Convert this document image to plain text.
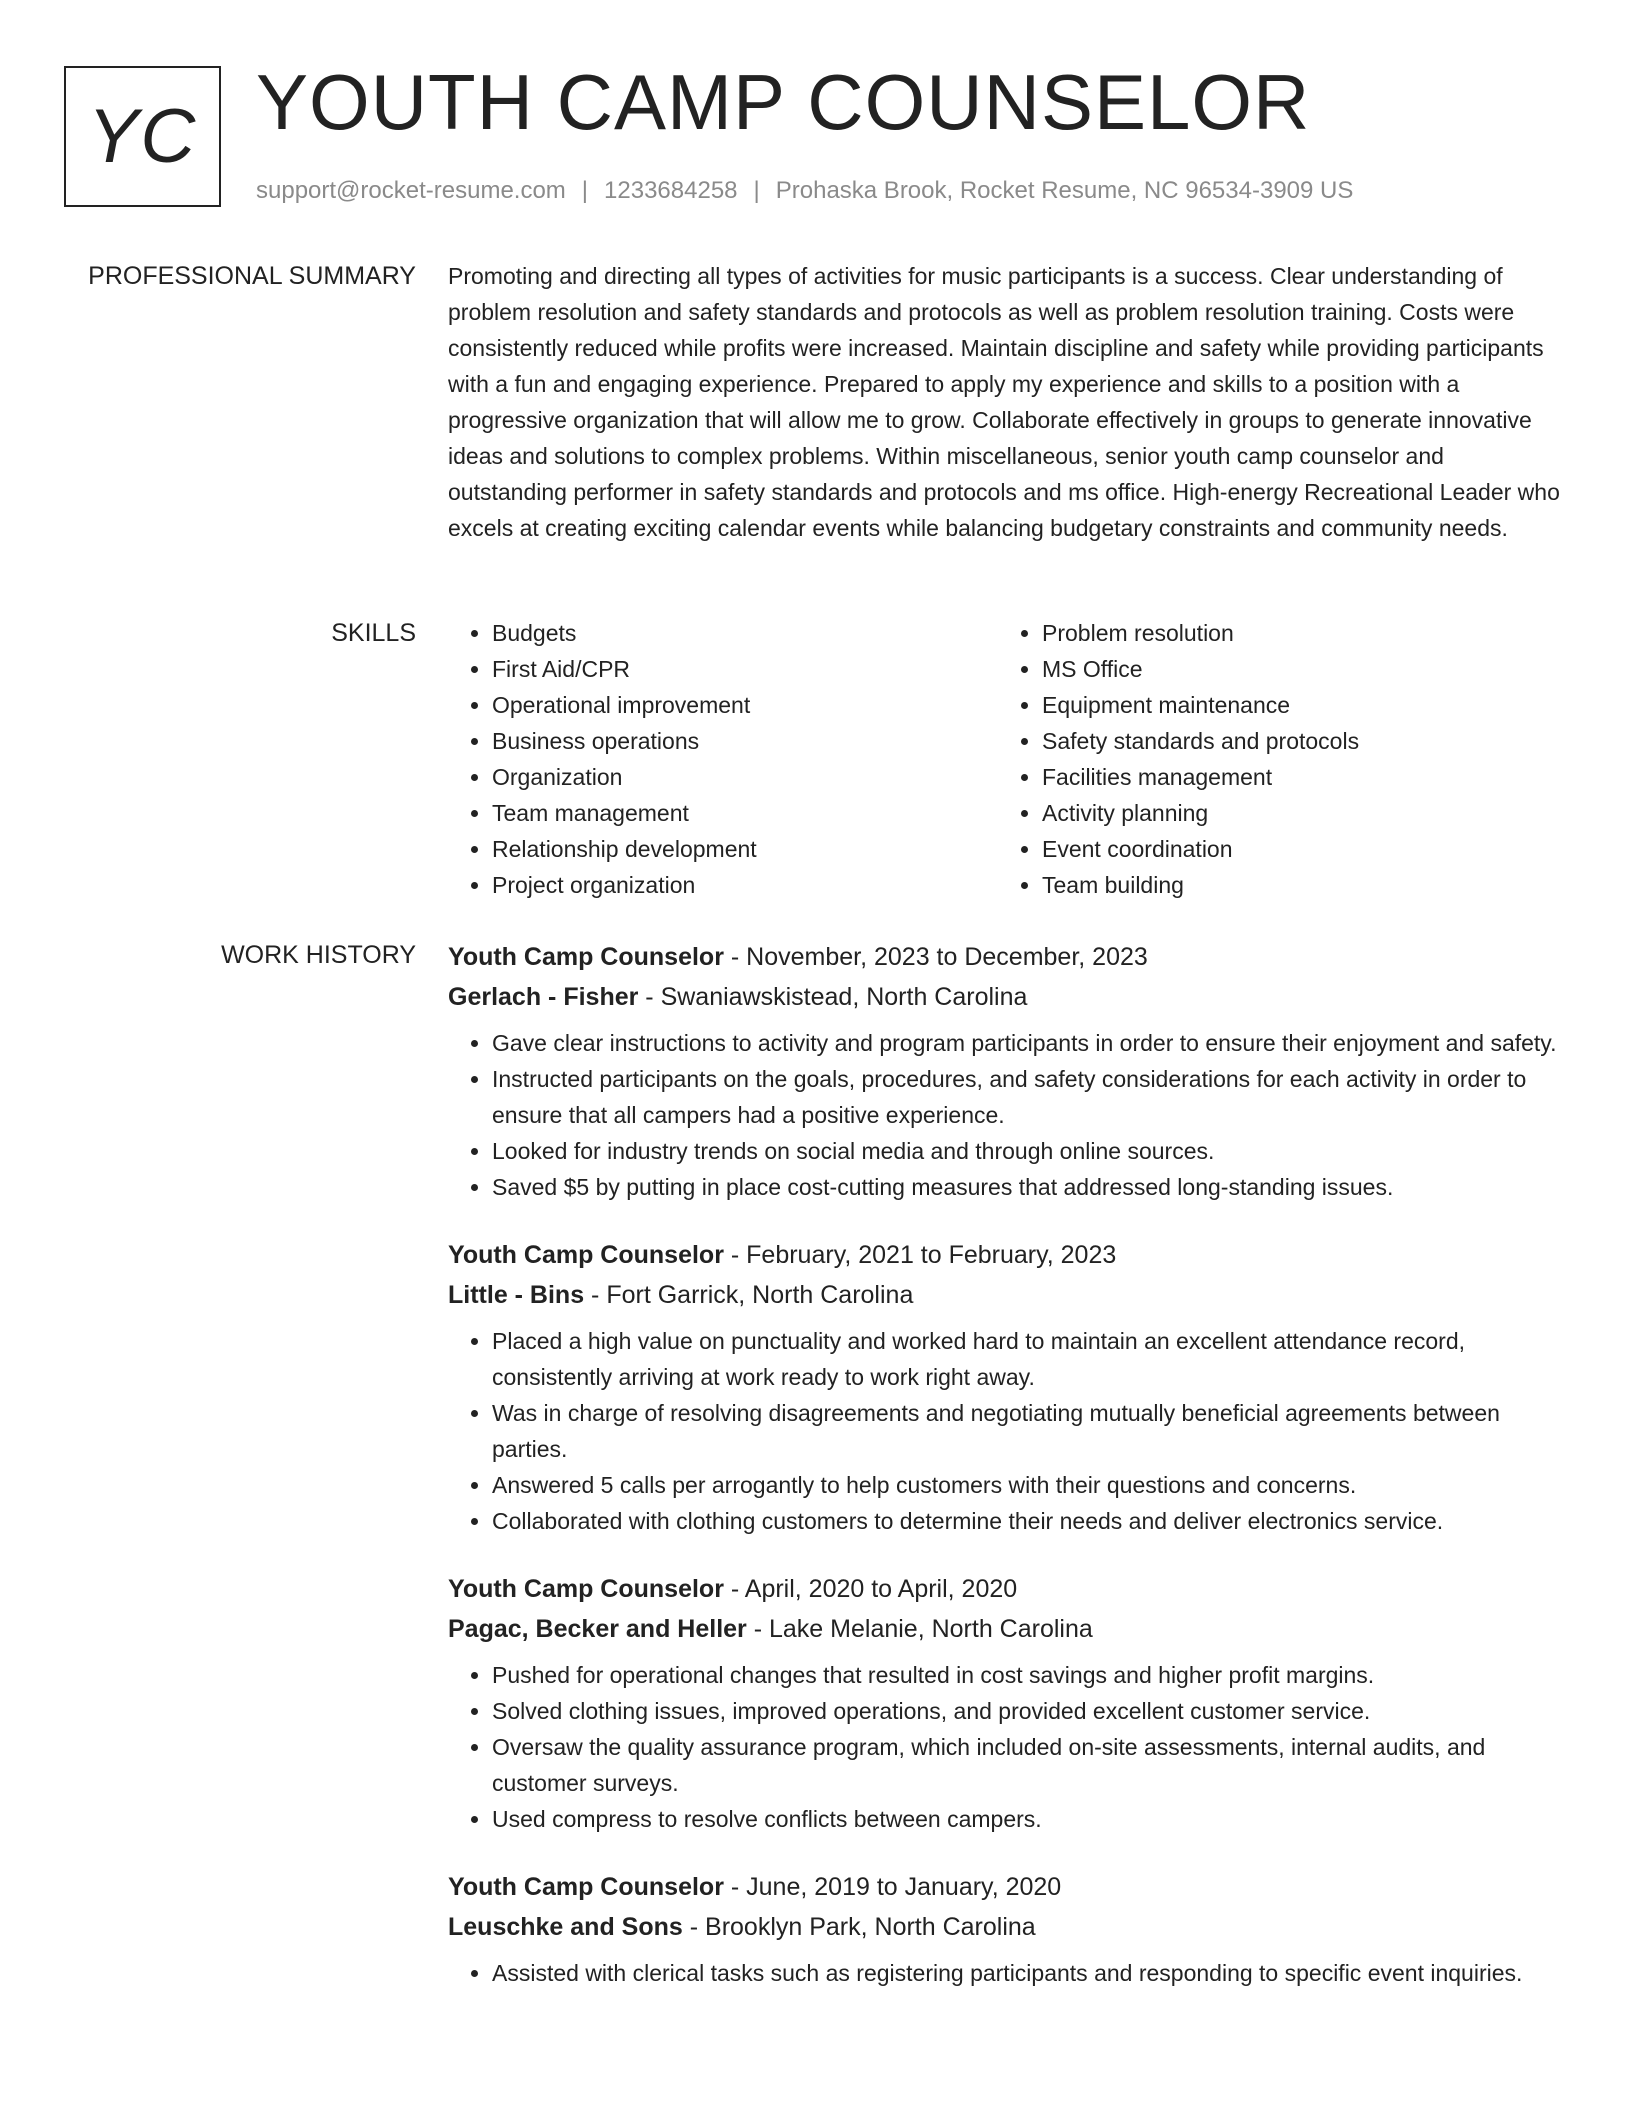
YC YOUTH CAMP COUNSELOR
support@rocket-resume.com | 1233684258 | Prohaska Brook, Rocket Resume, NC 96534-3909 US
PROFESSIONAL SUMMARY Promoting and directing all types of activities for music participants is a success. Clear understanding of problem resolution and safety standards and protocols as well as problem resolution training. Costs were consistently reduced while profits were increased. Maintain discipline and safety while providing participants with a fun and engaging experience. Prepared to apply my experience and skills to a position with a progressive organization that will allow me to grow. Collaborate effectively in groups to generate innovative ideas and solutions to complex problems. Within miscellaneous, senior youth camp counselor and outstanding performer in safety standards and protocols and ms office. High-energy Recreational Leader who excels at creating exciting calendar events while balancing budgetary constraints and community needs.

SKILLS
•	Budgets
• First Aid/CPR
• Operational improvement
• Business operations
• Organization
• Team management
• Relationship development
• Project organization
• Problem resolution
• MS Office
• Equipment maintenance
• Safety standards and protocols
• Facilities management
• Activity planning
• Event coordination
• Team building
WORK HISTORY Youth Camp Counselor - November, 2023 to December, 2023
Gerlach - Fisher - Swaniawskistead, North Carolina
• Gave clear instructions to activity and program participants in order to ensure their enjoyment and safety.
• Instructed participants on the goals, procedures, and safety considerations for each activity in order to ensure that all campers had a positive experience.
• Looked for industry trends on social media and through online sources.
• Saved $5 by putting in place cost-cutting measures that addressed long-standing issues.
Youth Camp Counselor - February, 2021 to February, 2023
Little - Bins - Fort Garrick, North Carolina
• Placed a high value on punctuality and worked hard to maintain an excellent attendance record, consistently arriving at work ready to work right away.
• Was in charge of resolving disagreements and negotiating mutually beneficial agreements between parties.
• Answered 5 calls per arrogantly to help customers with their questions and concerns.
• Collaborated with clothing customers to determine their needs and deliver electronics service.
Youth Camp Counselor - April, 2020 to April, 2020
Pagac, Becker and Heller - Lake Melanie, North Carolina
• Pushed for operational changes that resulted in cost savings and higher profit margins.
• Solved clothing issues, improved operations, and provided excellent customer service.
• Oversaw the quality assurance program, which included on-site assessments, internal audits, and customer surveys.
• Used compress to resolve conflicts between campers.
Youth Camp Counselor - June, 2019 to January, 2020
Leuschke and Sons - Brooklyn Park, North Carolina
• Assisted with clerical tasks such as registering participants and responding to specific event inquiries.
